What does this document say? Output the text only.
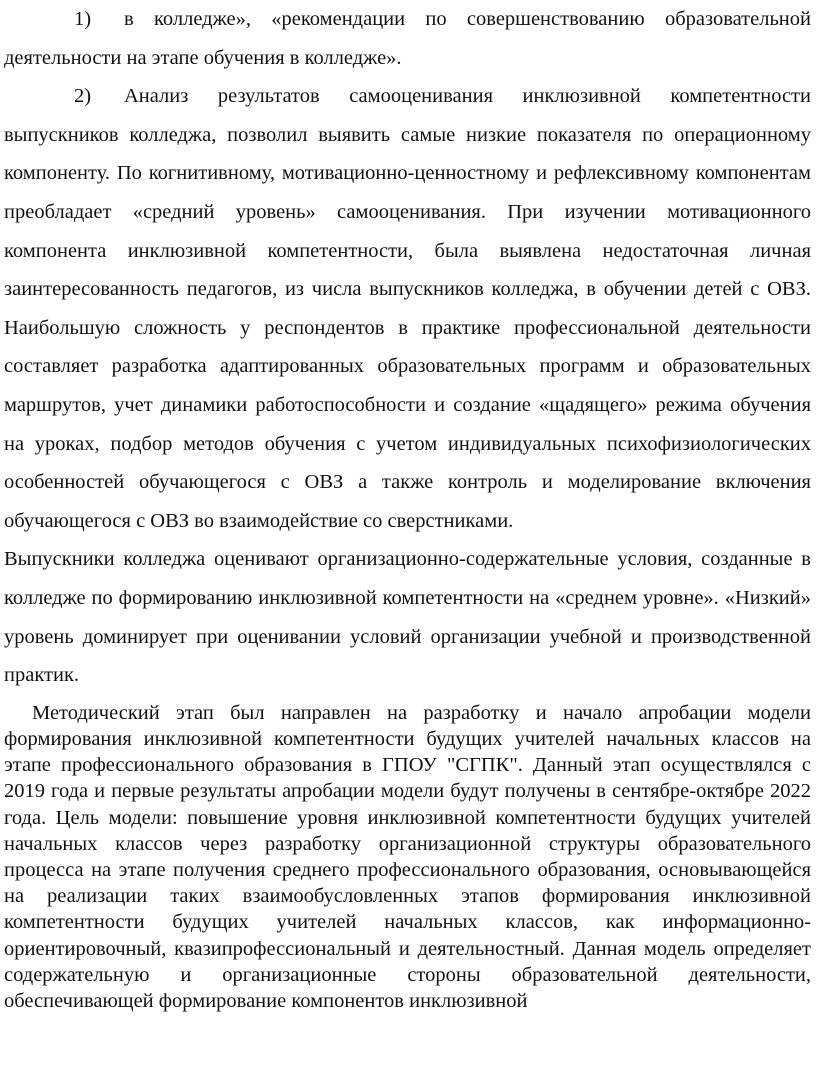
1) в колледже», «рекомендации по совершенствованию образовательной деятельности на этапе обучения в колледже».

2) Анализ результатов самооценивания инклюзивной компетентности выпускников колледжа, позволил выявить самые низкие показателя по операционному компоненту. По когнитивному, мотивационно-ценностному и рефлексивному компонентам преобладает «средний уровень» самооценивания. При изучении мотивационного компонента инклюзивной компетентности, была выявлена недостаточная личная заинтересованность педагогов, из числа выпускников колледжа, в обучении детей с ОВЗ. Наибольшую сложность у респондентов в практике профессиональной деятельности составляет разработка адаптированных образовательных программ и образовательных маршрутов, учет динамики работоспособности и создание «щадящего» режима обучения на уроках, подбор методов обучения с учетом индивидуальных психофизиологических особенностей обучающегося с ОВЗ а также контроль и моделирование включения обучающегося с ОВЗ во взаимодействие со сверстниками.

Выпускники колледжа оценивают организационно-содержательные условия, созданные в колледже по формированию инклюзивной компетентности на «среднем уровне». «Низкий» уровень доминирует при оценивании условий организации учебной и производственной практик.

Методический этап был направлен на разработку и начало апробации модели формирования инклюзивной компетентности будущих учителей начальных классов на этапе профессионального образования в ГПОУ "СГПК". Данный этап осуществлялся с 2019 года и первые результаты апробации модели будут получены в сентябре-октябре 2022 года. Цель модели: повышение уровня инклюзивной компетентности будущих учителей начальных классов через разработку организационной структуры образовательного процесса на этапе получения среднего профессионального образования, основывающейся на реализации таких взаимообусловленных этапов формирования инклюзивной компетентности будущих учителей начальных классов, как информационно-ориентировочный, квазипрофессиональный и деятельностный. Данная модель определяет содержательную и организационные стороны образовательной деятельности, обеспечивающей формирование компонентов инклюзивной
